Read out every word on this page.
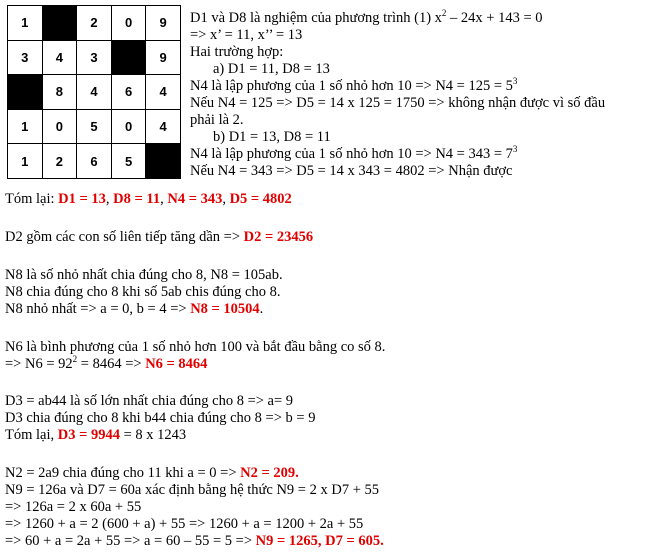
1		2	0	9
3	4	3		9
	8	4	6	4
1	0	5	0	4
1	2	6	5	
D1 và D8 là nghiệm của phương trình (1) $x^2 - 24x + 143 = 0$
=> x’ = 11, x’’ = 13
Hai trường hợp:
a) D1 = 11, D8 = 13
N4 là lập phương của 1 số nhỏ hơn $10 => N4 = 125 = 5^3$
Nếu N4 = 125 => D5 = 14 x 125 = 1750 => không nhận được vì số đầu
phải là 2.
b) D1 = 13, D8 = 11
N4 là lập phương của 1 số nhỏ hơn $10 => N4 = 343 = 7^3$
Nếu N4 = 343 => D5 = 14 x 343 = 4802 => Nhận được
Tóm lại: D1 = 13, D8 = 11, N4 = 343, D5 = 4802
D2 gồm các con số liên tiếp tăng dần => D2 = 23456
N8 là số nhỏ nhất chia đúng cho 8, N8 = 105ab.
N8 chia đúng cho 8 khi số 5ab chis đúng cho 8.
N8 nhỏ nhất => a = 0, b = 4 => N8 = 10504.
N6 là bình phương của 1 số nhỏ hơn 100 và bắt đầu bằng co số 8.
=> $N6 = 92^2 = 8464 => N6 = 8464$
D3 = ab44 là số lớn nhất chia đúng cho 8 => a= 9
D3 chia đúng cho 8 khi b44 chia đúng cho 8 => b = 9
Tóm lại, D3 = 9944 = 8 x 1243
N2 = 2a9 chia đúng cho 11 khi a = 0 => N2 = 209.
N9 = 126a và D7 = 60a xác định bằng hệ thức N9 = 2 x D7 + 55
=> 126a = 2 x 60a + 55
=> 1260 + a = 2 (600 + a) + 55 => 1260 + a = 1200 + 2a + 55
=> 60 + a = 2a + 55 => a = 60 – 55 = 5 => N9 = 1265, D7 = 605.
